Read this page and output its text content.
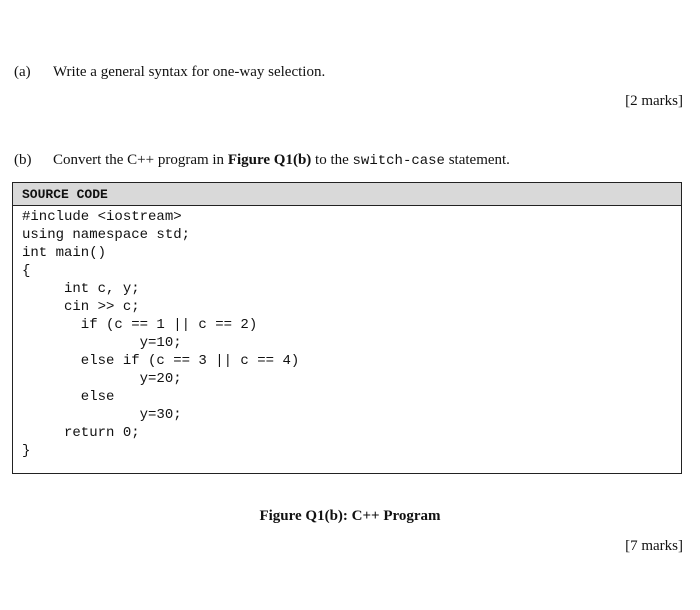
(a) Write a general syntax for one-way selection.
[2 marks]
(b) Convert the C++ program in Figure Q1(b) to the switch-case statement.
SOURCE CODE
#include <iostream>
using namespace std;
int main()
{
int c, y;
cin >> c;
if (c == 1 || c == 2)
y=10;
else if (c == 3 || c == 4)
y=20;
else
y=30;
return 0;
}
Figure Q1(b): C++ Program
[7 marks]
